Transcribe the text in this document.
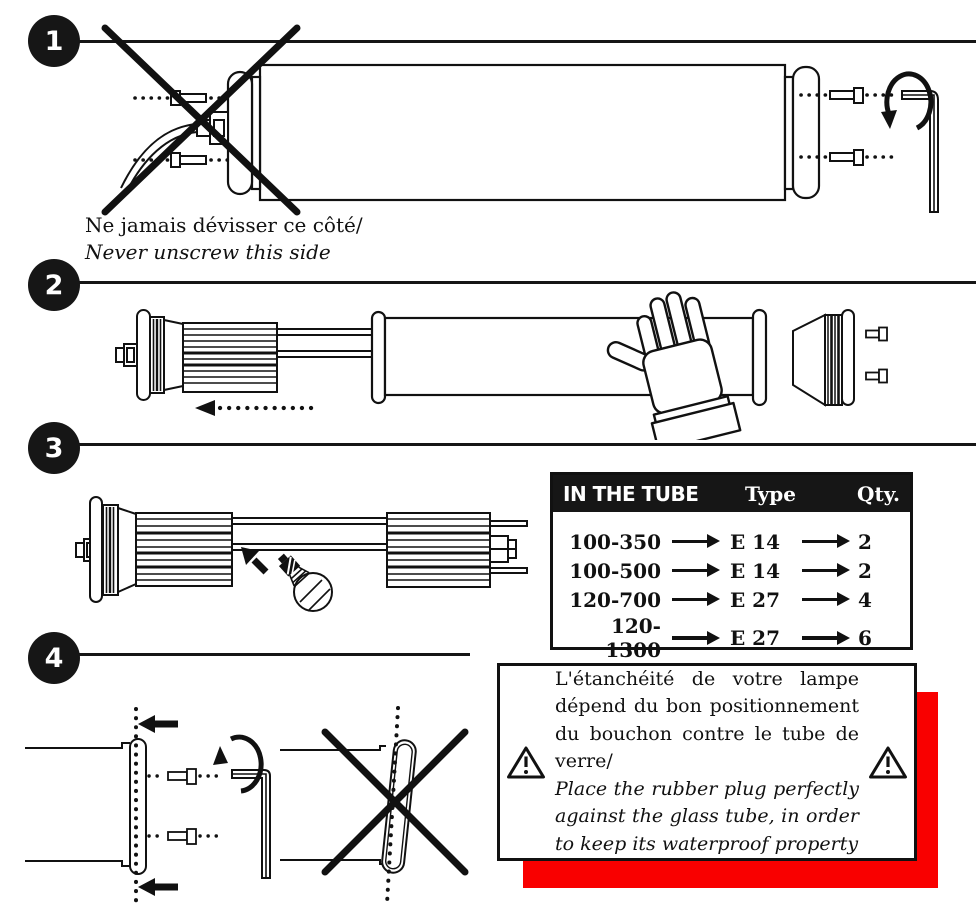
1
Ne jamais dévisser ce côté/
Never unscrew this side
2
3
IN THE TUBE	Type	Qty.
100-350	E 14	2
100-500	E 14	2
120-700	E 27	4
120-1300	E 27	6
4
L'étanchéité de votre lampe dépend du bon positionnement du bouchon contre le tube de verre/
Place the rubber plug perfectly against the glass tube, in order to keep its waterproof property
